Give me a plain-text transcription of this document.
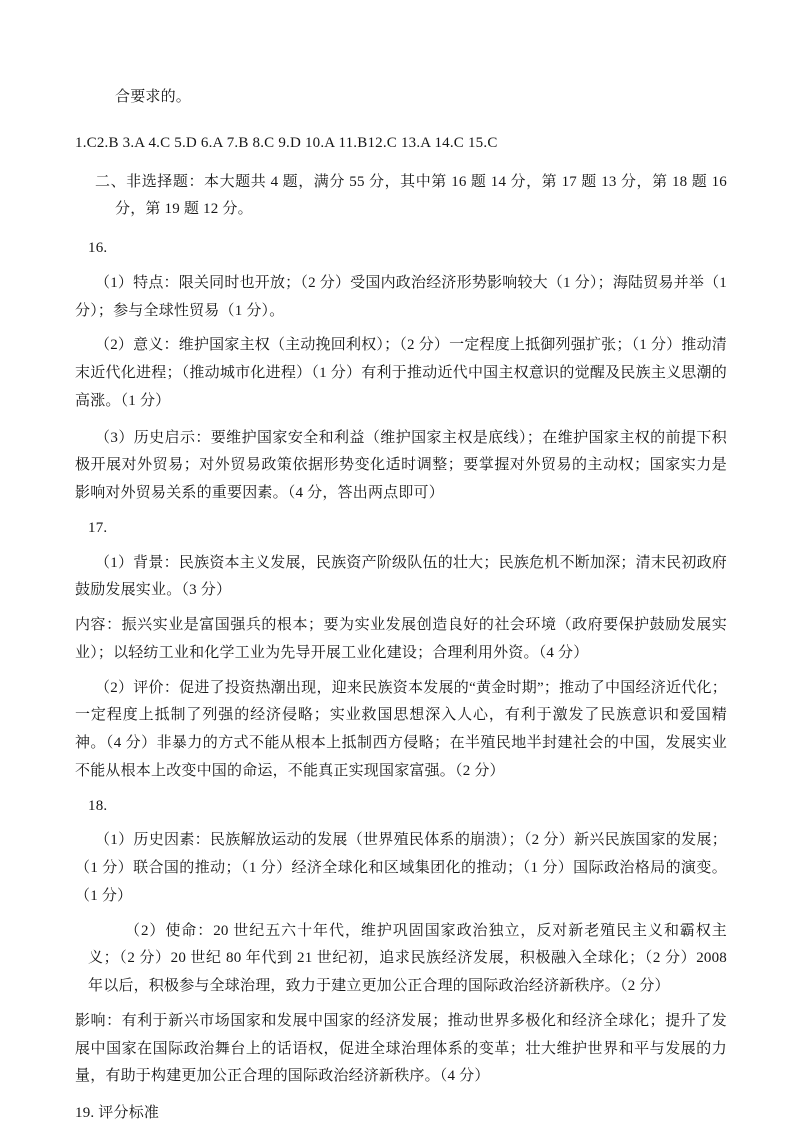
合要求的。

1.C2.B 3.A 4.C 5.D 6.A 7.B 8.C 9.D 10.A 11.B12.C 13.A 14.C 15.C

二、非选择题：本大题共 4 题，满分 55 分，其中第 16 题 14 分，第 17 题 13 分，第 18 题 16 分，第 19 题 12 分。

16.

（1）特点：限关同时也开放；（2 分）受国内政治经济形势影响较大（1 分）；海陆贸易并举（1 分）；参与全球性贸易（1 分）。

（2）意义：维护国家主权（主动挽回利权）；（2 分）一定程度上抵御列强扩张；（1 分）推动清末近代化进程；（推动城市化进程）（1 分）有利于推动近代中国主权意识的觉醒及民族主义思潮的高涨。（1 分）

（3）历史启示：要维护国家安全和利益（维护国家主权是底线）；在维护国家主权的前提下积极开展对外贸易；对外贸易政策依据形势变化适时调整；要掌握对外贸易的主动权；国家实力是影响对外贸易关系的重要因素。（4 分，答出两点即可）

17.

（1）背景：民族资本主义发展，民族资产阶级队伍的壮大；民族危机不断加深；清末民初政府鼓励发展实业。（3 分）

内容：振兴实业是富国强兵的根本；要为实业发展创造良好的社会环境（政府要保护鼓励发展实业）；以轻纺工业和化学工业为先导开展工业化建设；合理利用外资。（4 分）

（2）评价：促进了投资热潮出现，迎来民族资本发展的“黄金时期”；推动了中国经济近代化；一定程度上抵制了列强的经济侵略；实业救国思想深入人心，有利于激发了民族意识和爱国精神。（4 分）非暴力的方式不能从根本上抵制西方侵略；在半殖民地半封建社会的中国，发展实业不能从根本上改变中国的命运，不能真正实现国家富强。（2 分）

18.

（1）历史因素：民族解放运动的发展（世界殖民体系的崩溃）；（2 分）新兴民族国家的发展；（1 分）联合国的推动；（1 分）经济全球化和区域集团化的推动；（1 分）国际政治格局的演变。（1 分）

（2）使命：20 世纪五六十年代，维护巩固国家政治独立，反对新老殖民主义和霸权主义；（2 分）20 世纪 80 年代到 21 世纪初，追求民族经济发展，积极融入全球化；（2 分）2008 年以后，积极参与全球治理，致力于建立更加公正合理的国际政治经济新秩序。（2 分）

影响：有利于新兴市场国家和发展中国家的经济发展；推动世界多极化和经济全球化；提升了发展中国家在国际政治舞台上的话语权，促进全球治理体系的变革；壮大维护世界和平与发展的力量，有助于构建更加公正合理的国际政治经济新秩序。（4 分）

19. 评分标准
